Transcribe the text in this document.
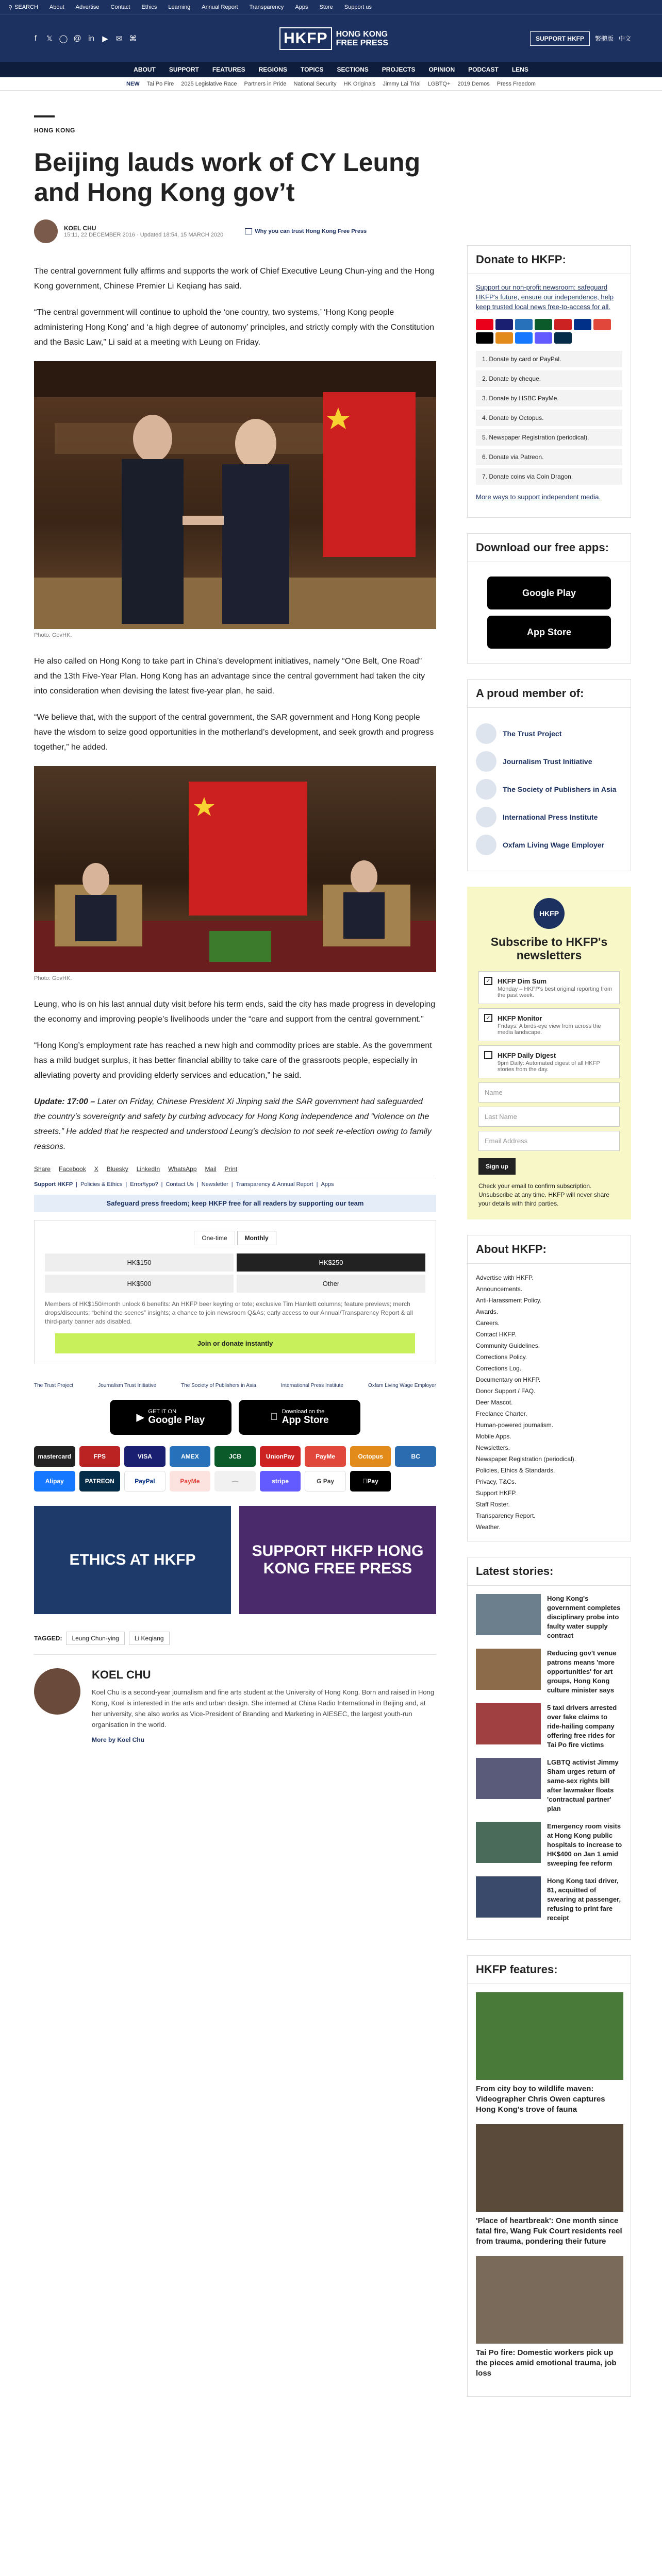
⚲ SEARCH About Advertise Contact Ethics Learning Annual Report Transparency Apps Store Support us
f	𝕏 ◯ @ in ▶ ✉ ⌘	HKFP	HONG KONG
FREE PRESS	SUPPORT HKFP	繁體版 中文
ABOUT SUPPORT FEATURES REGIONS TOPICS SECTIONS PROJECTS OPINION PODCAST LENS
NEW Tai Po Fire 2025 Legislative Race Partners in Pride National Security HK Originals Jimmy Lai Trial LGBTQ+ 2019 Demos Press Freedom
HONG KONG
Beijing lauds work of CY Leung and Hong Kong gov’t
KOEL CHU
15:11, 22 DECEMBER 2016 · Updated 18:54, 15 MARCH 2020
Why you can trust Hong Kong Free Press

The central government fully affirms and supports the work of Chief Executive Leung Chun-ying and the Hong Kong government, Chinese Premier Li Keqiang has said.

“The central government will continue to uphold the ‘one country, two systems,’ ‘Hong Kong people administering Hong Kong’ and ‘a high degree of autonomy’ principles, and strictly comply with the Constitution and the Basic Law,” Li said at a meeting with Leung on Friday.

Photo: GovHK.

He also called on Hong Kong to take part in China’s development initiatives, namely “One Belt, One Road” and the 13th Five-Year Plan. Hong Kong has an advantage since the central government had taken the city into consideration when devising the latest five-year plan, he said.

“We believe that, with the support of the central government, the SAR government and Hong Kong people have the wisdom to seize good opportunities in the motherland’s development, and seek growth and progress together,” he added.

Photo: GovHK.

Leung, who is on his last annual duty visit before his term ends, said the city has made progress in developing the economy and improving people’s livelihoods under the “care and support from the central government.”

“Hong Kong’s employment rate has reached a new high and commodity prices are stable. As the government has a mild budget surplus, it has better financial ability to take care of the grassroots people, especially in alleviating poverty and providing elderly services and education,” he said.

Update: 17:00 – Later on Friday, Chinese President Xi Jinping said the SAR government had safeguarded the country’s sovereignty and safety by curbing advocacy for Hong Kong independence and “violence on the streets.” He added that he respected and understood Leung’s decision to not seek re-election owing to family reasons.

Share Facebook X Bluesky LinkedIn WhatsApp Mail Print
Support HKFP | Policies & Ethics | Error/typo? | Contact Us | Newsletter | Transparency & Annual Report | Apps
Safeguard press freedom; keep HKFP free for all readers by supporting our team
One-time	Monthly
HK$150	HK$250
HK$500	Other
Members of HK$150/month unlock 6 benefits: An HKFP beer keyring or tote; exclusive Tim Hamlett columns; feature previews; merch drops/discounts; “behind the scenes” insights; a chance to join newsroom Q&As; early access to our Annual/Transparency Report & all third-party banner ads disabled.
Join or donate instantly
The Trust Project	Journalism Trust Initiative	The Society of Publishers in Asia	International Press Institute	Oxfam Living Wage Employer
▶
GET IT ON
Google Play
Download on the
App Store
mastercard	FPS	VISA	AMEX	JCB	UnionPay	PayMe	Octopus	BC
Alipay	PATREON	PayPal	PayMe	—	stripe	G Pay	Pay
ETHICS AT HKFP
SUPPORT HKFP HONG KONG FREE PRESS
TAGGED:	Leung Chun-ying	Li Keqiang
KOEL CHU

Koel Chu is a second-year journalism and fine arts student at the University of Hong Kong. Born and raised in Hong Kong, Koel is interested in the arts and urban design. She interned at China Radio International in Beijing and, at her university, she also works as Vice-President of Branding and Marketing in AIESEC, the largest youth-run organisation in the world.

More by Koel Chu
Donate to HKFP:
Support our non-profit newsroom: safeguard HKFP's future, ensure our independence, help keep trusted local news free-to-access for all.
1. Donate by card or PayPal.
2. Donate by cheque.
3. Donate by HSBC PayMe.
4. Donate by Octopus.
5. Newspaper Registration (periodical).
6. Donate via Patreon.
7. Donate coins via Coin Dragon.
More ways to support independent media.
Download our free apps:
Google Play
App Store
A proud member of:
The Trust Project
Journalism Trust Initiative
The Society of Publishers in Asia
International Press Institute
Oxfam Living Wage Employer
HKFP
Subscribe to HKFP's newsletters
✓ HKFP Dim Sum
Monday – HKFP's best original reporting from the past week.
✓ HKFP Monitor
Fridays: A birds-eye view from across the media landscape.
HKFP Daily Digest
9pm Daily: Automated digest of all HKFP stories from the day.
Name
Last Name
Email Address
Sign up
Check your email to confirm subscription. Unsubscribe at any time. HKFP will never share your details with third parties.
About HKFP:
Advertise with HKFP.
Announcements.
Anti-Harassment Policy.
Awards.
Careers.
Contact HKFP.
Community Guidelines.
Corrections Policy.
Corrections Log.
Documentary on HKFP.
Donor Support / FAQ.
Deer Mascot.
Freelance Charter.
Human-powered journalism.
Mobile Apps.
Newsletters.
Newspaper Registration (periodical).
Policies, Ethics & Standards.
Privacy, T&Cs.
Support HKFP.
Staff Roster.
Transparency Report.
Weather.
Latest stories:
Hong Kong's government completes disciplinary probe into faulty water supply contract
Reducing gov't venue patrons means 'more opportunities' for art groups, Hong Kong culture minister says
5 taxi drivers arrested over fake claims to ride-hailing company offering free rides for Tai Po fire victims
LGBTQ activist Jimmy Sham urges return of same-sex rights bill after lawmaker floats 'contractual partner' plan
Emergency room visits at Hong Kong public hospitals to increase to HK$400 on Jan 1 amid sweeping fee reform
Hong Kong taxi driver, 81, acquitted of swearing at passenger, refusing to print fare receipt
HKFP features:
From city boy to wildlife maven: Videographer Chris Owen captures Hong Kong's trove of fauna
'Place of heartbreak': One month since fatal fire, Wang Fuk Court residents reel from trauma, pondering their future
Tai Po fire: Domestic workers pick up the pieces amid emotional trauma, job loss
